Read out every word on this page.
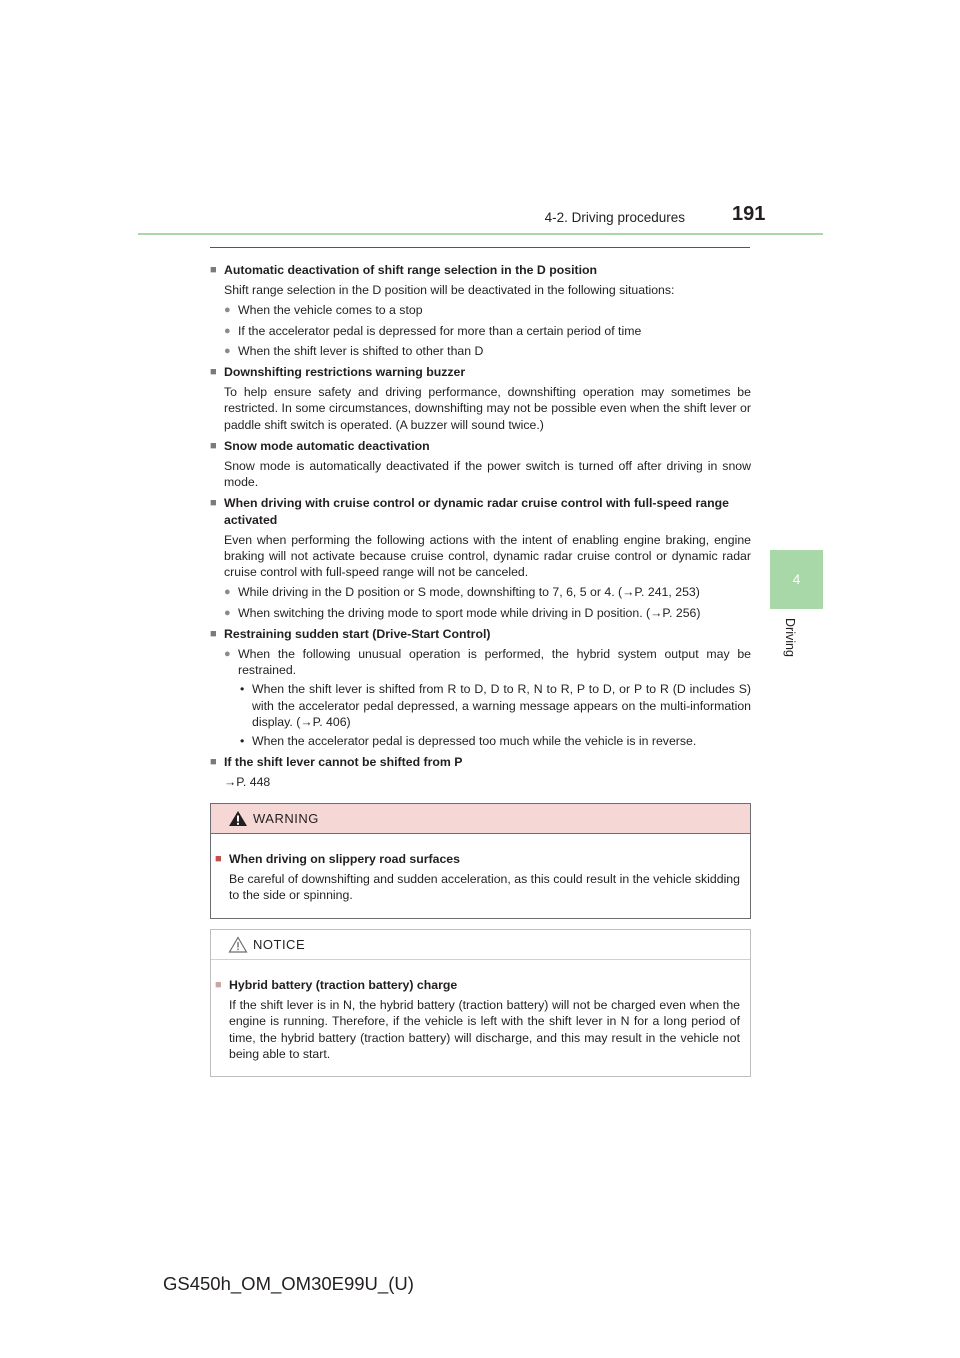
4-2. Driving procedures 191
4
Driving
■ Automatic deactivation of shift range selection in the D position
Shift range selection in the D position will be deactivated in the following situations:
● When the vehicle comes to a stop
● If the accelerator pedal is depressed for more than a certain period of time
● When the shift lever is shifted to other than D
■ Downshifting restrictions warning buzzer
To help ensure safety and driving performance, downshifting operation may sometimes be restricted. In some circumstances, downshifting may not be possible even when the shift lever or paddle shift switch is operated. (A buzzer will sound twice.)
■ Snow mode automatic deactivation
Snow mode is automatically deactivated if the power switch is turned off after driving in snow mode.
■ When driving with cruise control or dynamic radar cruise control with full-speed range activated
Even when performing the following actions with the intent of enabling engine braking, engine braking will not activate because cruise control, dynamic radar cruise control or dynamic radar cruise control with full-speed range will not be canceled.
● While driving in the D position or S mode, downshifting to 7, 6, 5 or 4. (→P. 241, 253)
● When switching the driving mode to sport mode while driving in D position. (→P. 256)
■ Restraining sudden start (Drive-Start Control)
● When the following unusual operation is performed, the hybrid system output may be restrained.
• When the shift lever is shifted from R to D, D to R, N to R, P to D, or P to R (D includes S) with the accelerator pedal depressed, a warning message appears on the multi-information display. (→P. 406)
• When the accelerator pedal is depressed too much while the vehicle is in reverse.
■ If the shift lever cannot be shifted from P
→P. 448
WARNING
■ When driving on slippery road surfaces
Be careful of downshifting and sudden acceleration, as this could result in the vehicle skidding to the side or spinning.
NOTICE
■ Hybrid battery (traction battery) charge
If the shift lever is in N, the hybrid battery (traction battery) will not be charged even when the engine is running. Therefore, if the vehicle is left with the shift lever in N for a long period of time, the hybrid battery (traction battery) will discharge, and this may result in the vehicle not being able to start.
GS450h_OM_OM30E99U_(U)
